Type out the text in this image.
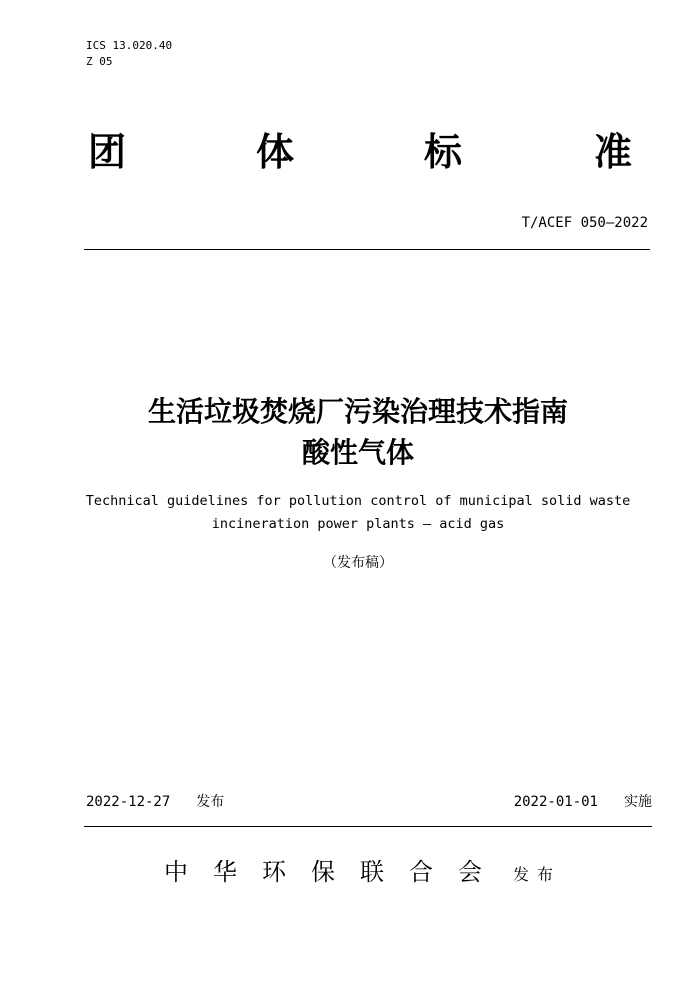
ICS 13.020.40
Z 05
团	体	标	准
T/ACEF 050—2022
生活垃圾焚烧厂污染治理技术指南
酸性气体
Technical guidelines for pollution control of municipal solid waste
incineration power plants — acid gas
（发布稿）
2022-12-27 发布	2022-01-01 实施
中华环保联合会 发布
